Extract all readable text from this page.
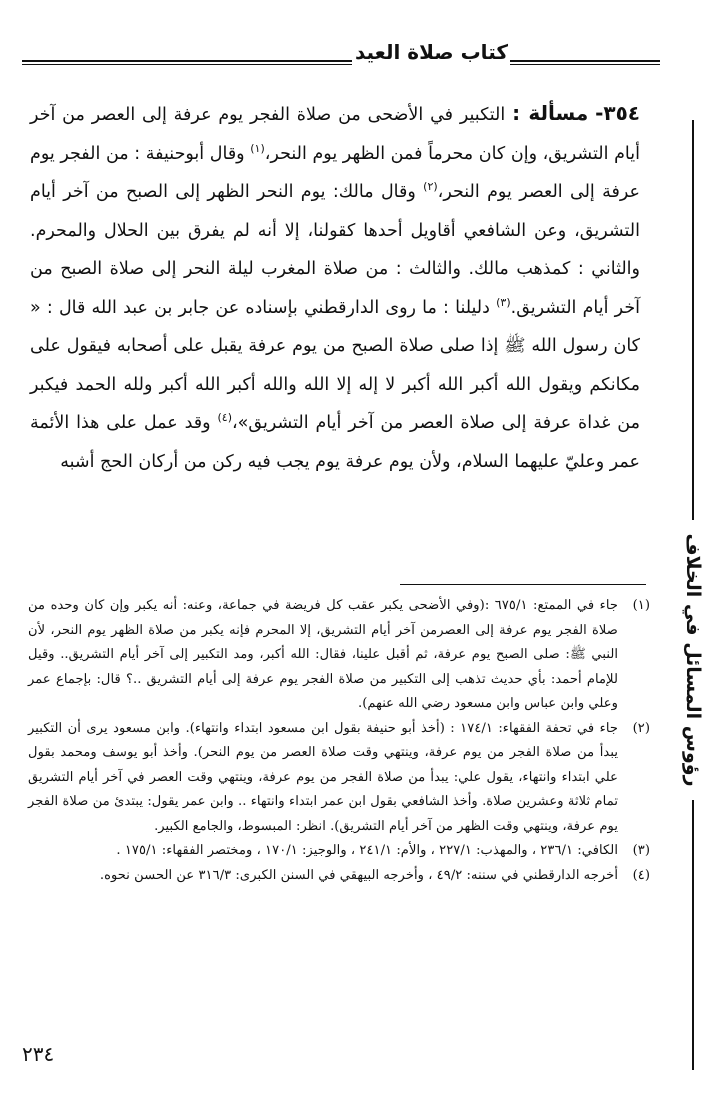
كتاب صلاة العيد
رؤوس المسائل في الخلاف

٣٥٤- مسألة : التكبير في الأضحى من صلاة الفجر يوم عرفة إلى العصر من آخر أيام التشريق، وإن كان محرماً فمن الظهر يوم النحر،$^{(١)}$ وقال أبوحنيفة : من الفجر يوم عرفة إلى العصر يوم النحر،$^{(٢)}$ وقال مالك: يوم النحر الظهر إلى الصبح من آخر أيام التشريق، وعن الشافعي أقاويل أحدها كقولنا، إلا أنه لم يفرق بين الحلال والمحرم. والثاني : كمذهب مالك. والثالث : من صلاة المغرب ليلة النحر إلى صلاة الصبح من آخر أيام التشريق.$^{(٣)}$ دليلنا : ما روى الدارقطني بإسناده عن جابر بن عبد الله قال : « كان رسول الله ﷺ إذا صلى صلاة الصبح من يوم عرفة يقبل على أصحابه فيقول على مكانكم ويقول الله أكبر الله أكبر لا إله إلا الله والله أكبر الله أكبر ولله الحمد فيكبر من غداة عرفة إلى صلاة العصر من آخر أيام التشريق»،$^{(٤)}$ وقد عمل على هذا الأئمة عمر وعليّ عليهما السلام، ولأن يوم عرفة يوم يجب فيه ركن من أركان الحج أشبه

(١)
جاء في الممتع: ٦٧٥/١ :(وفي الأضحى يكبر عقب كل فريضة في جماعة، وعنه: أنه يكبر وإن كان وحده من صلاة الفجر يوم عرفة إلى العصرمن آخر أيام التشريق، إلا المحرم فإنه يكبر من صلاة الظهر يوم النحر، لأن النبي ﷺ: صلى الصبح يوم عرفة، ثم أقبل علينا، فقال: الله أكبر، ومد التكبير إلى آخر أيام التشريق.. وقيل للإمام أحمد: بأي حديث تذهب إلى التكبير من صلاة الفجر يوم عرفة إلى أيام التشريق ..؟ قال: بإجماع عمر وعلي وابن عباس وابن مسعود رضي الله عنهم).

(٢)
جاء في تحفة الفقهاء: ١٧٤/١ : (أخذ أبو حنيفة بقول ابن مسعود ابتداء وانتهاء). وابن مسعود يرى أن التكبير يبدأ من صلاة الفجر من يوم عرفة، وينتهي وقت صلاة العصر من يوم النحر). وأخذ أبو يوسف ومحمد بقول علي ابتداء وانتهاء، يقول علي: يبدأ من صلاة الفجر من يوم عرفة، وينتهي وقت العصر في آخر أيام التشريق تمام ثلاثة وعشرين صلاة. وأخذ الشافعي بقول ابن عمر ابتداء وانتهاء .. وابن عمر يقول: يبتدئ من صلاة الفجر يوم عرفة، وينتهي وقت الظهر من آخر أيام التشريق). انظر: المبسوط، والجامع الكبير.

(٣)
الكافي: ٢٣٦/١ ، والمهذب: ٢٢٧/١ ، والأم: ٢٤١/١ ، والوجيز: ١٧٠/١ ، ومختصر الفقهاء: ١٧٥/١ .

(٤)
أخرجه الدارقطني في سننه: ٤٩/٢ ، وأخرجه البيهقي في السنن الكبرى: ٣١٦/٣ عن الحسن نحوه.

٢٣٤
